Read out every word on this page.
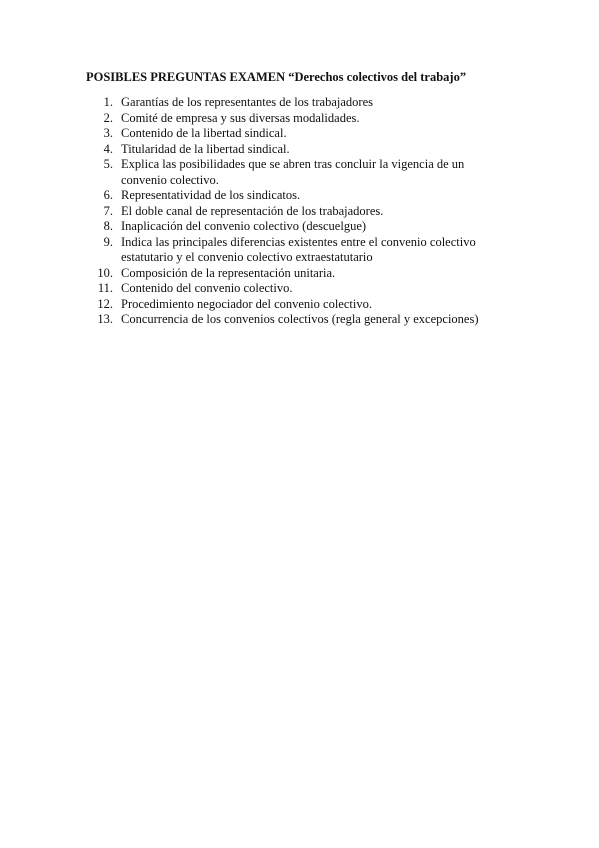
POSIBLES PREGUNTAS EXAMEN “Derechos colectivos del trabajo”
1. Garantías de los representantes de los trabajadores
2. Comité de empresa y sus diversas modalidades.
3. Contenido de la libertad sindical.
4. Titularidad de la libertad sindical.
5. Explica las posibilidades que se abren tras concluir la vigencia de un convenio colectivo.
6. Representatividad de los sindicatos.
7. El doble canal de representación de los trabajadores.
8. Inaplicación del convenio colectivo (descuelgue)
9. Indica las principales diferencias existentes entre el convenio colectivo estatutario y el convenio colectivo extraestatutario
10. Composición de la representación unitaria.
11. Contenido del convenio colectivo.
12. Procedimiento negociador del convenio colectivo.
13. Concurrencia de los convenios colectivos (regla general y excepciones)
